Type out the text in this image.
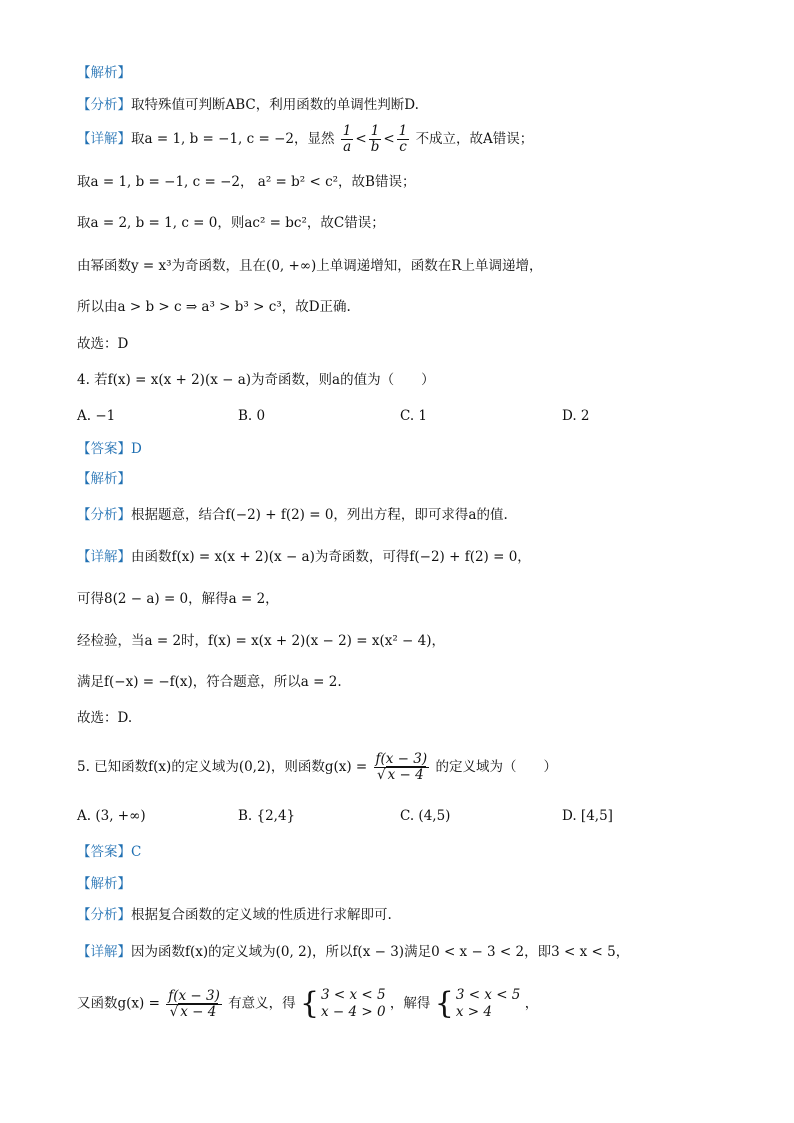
【解析】
【分析】取特殊值可判断ABC，利用函数的单调性判断D.
【详解】取a = 1, b = −1, c = −2，显然 $\frac{1}{a} < \frac{1}{b} < \frac{1}{c}$ 不成立，故A错误；
取a = 1, b = −1, c = −2， a² = b² < c²，故B错误；
取a = 2, b = 1, c = 0，则ac² = bc²，故C错误；
由幂函数y = x³为奇函数，且在(0, +∞)上单调递增知，函数在R上单调递增，
所以由a > b > c ⇒ a³ > b³ > c³，故D正确.
故选：D
4. 若f(x) = x(x + 2)(x − a)为奇函数，则a的值为（　　）
A. −1	B. 0	C. 1	D. 2
【答案】D
【解析】
【分析】根据题意，结合f(−2) + f(2) = 0，列出方程，即可求得a的值.
【详解】由函数f(x) = x(x + 2)(x − a)为奇函数，可得f(−2) + f(2) = 0，
可得8(2 − a) = 0，解得a = 2，
经检验，当a = 2时，f(x) = x(x + 2)(x − 2) = x(x² − 4)，
满足f(−x) = −f(x)，符合题意，所以a = 2.
故选：D.
5. 已知函数f(x)的定义域为(0,2)，则函数$g(x) = \frac{f(x - 3)}{√ x - 4}$ 的定义域为（　　）
A. (3, +∞)	B. {2,4}	C. (4,5)	D. [4,5]
【答案】C
【解析】
【分析】根据复合函数的定义域的性质进行求解即可.
【详解】因为函数f(x)的定义域为(0, 2)，所以f(x − 3)满足0 < x − 3 < 2，即3 < x < 5，
又函数$g(x) = \frac{f(x - 3)}{√ x - 4}$ 有意义，得 { 3 < x < 5
x − 4 > 0
，解得 { 3 < x < 5
x > 4
，
